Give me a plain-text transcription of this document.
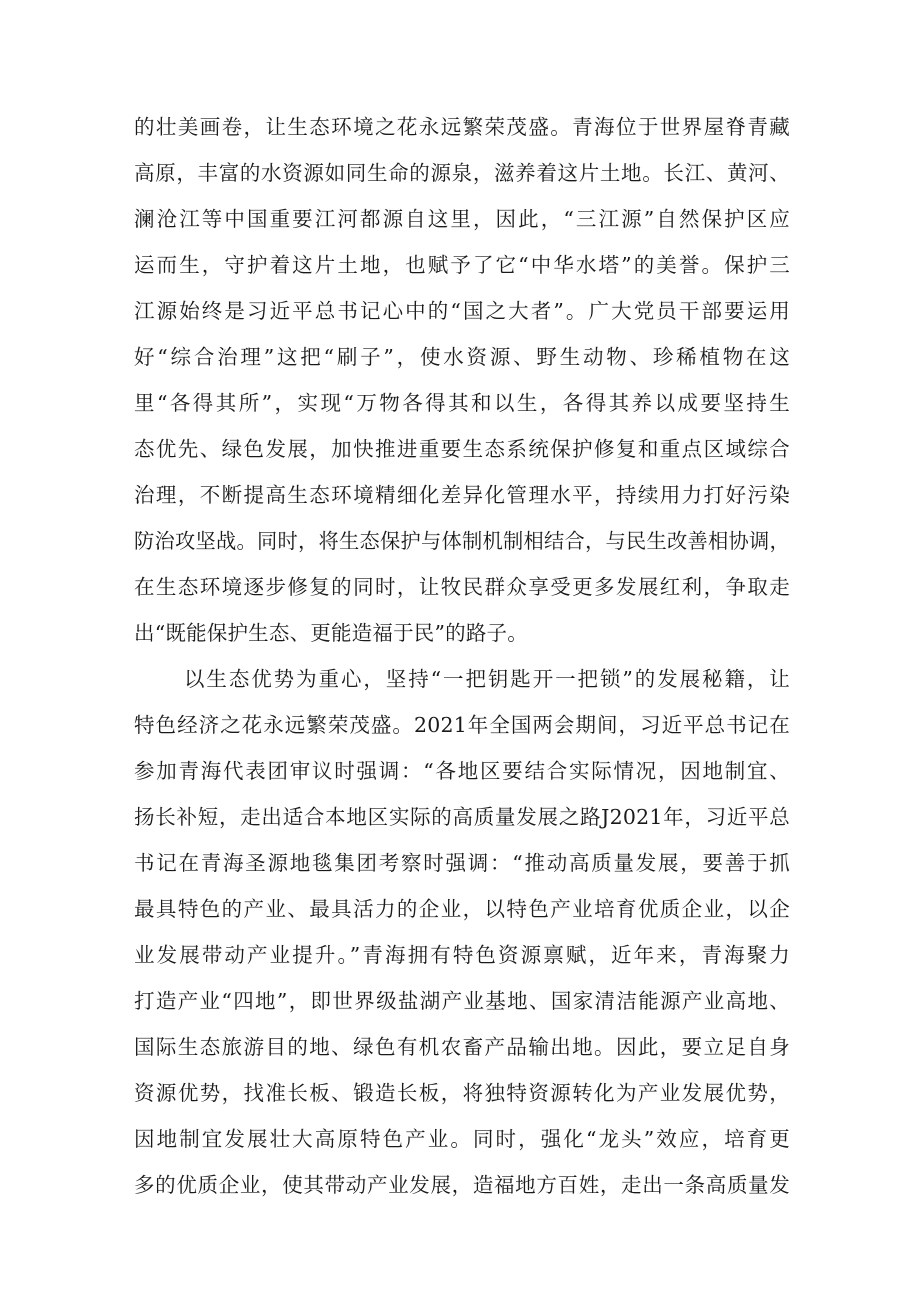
的壮美画卷，让生态环境之花永远繁荣茂盛。青海位于世界屋脊青藏
高原，丰富的水资源如同生命的源泉，滋养着这片土地。长江、黄河、
澜沧江等中国重要江河都源自这里，因此，“三江源”自然保护区应
运而生，守护着这片土地，也赋予了它“中华水塔”的美誉。保护三
江源始终是习近平总书记心中的“国之大者”。广大党员干部要运用
好“综合治理”这把“刷子”，使水资源、野生动物、珍稀植物在这
里“各得其所”，实现“万物各得其和以生，各得其养以成要坚持生
态优先、绿色发展，加快推进重要生态系统保护修复和重点区域综合
治理，不断提高生态环境精细化差异化管理水平，持续用力打好污染
防治攻坚战。同时，将生态保护与体制机制相结合，与民生改善相协调，
在生态环境逐步修复的同时，让牧民群众享受更多发展红利，争取走
出“既能保护生态、更能造福于民”的路子。
以生态优势为重心，坚持“一把钥匙开一把锁”的发展秘籍，让
特色经济之花永远繁荣茂盛。2021年全国两会期间，习近平总书记在
参加青海代表团审议时强调：“各地区要结合实际情况，因地制宜、
扬长补短，走出适合本地区实际的高质量发展之路J2021年，习近平总
书记在青海圣源地毯集团考察时强调：“推动高质量发展，要善于抓
最具特色的产业、最具活力的企业，以特色产业培育优质企业，以企
业发展带动产业提升。”青海拥有特色资源禀赋，近年来，青海聚力
打造产业“四地”，即世界级盐湖产业基地、国家清洁能源产业高地、
国际生态旅游目的地、绿色有机农畜产品输出地。因此，要立足自身
资源优势，找准长板、锻造长板，将独特资源转化为产业发展优势，
因地制宜发展壮大高原特色产业。同时，强化“龙头”效应，培育更
多的优质企业，使其带动产业发展，造福地方百姓，走出一条高质量发
